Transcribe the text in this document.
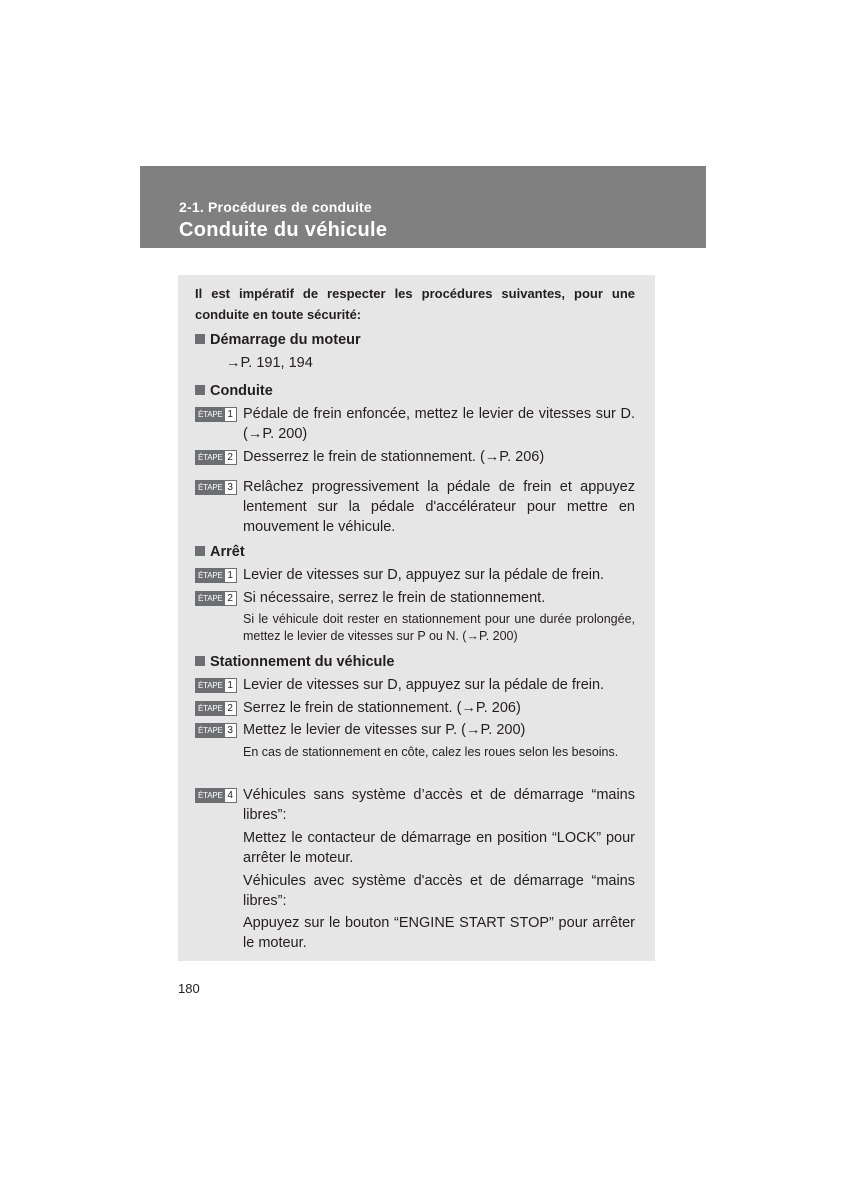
2-1. Procédures de conduite
Conduite du véhicule
Il est impératif de respecter les procédures suivantes, pour une conduite en toute sécurité:
Démarrage du moteur
→P. 191, 194
Conduite
ÉTAPE 1 Pédale de frein enfoncée, mettez le levier de vitesses sur D. (→P. 200)
ÉTAPE 2 Desserrez le frein de stationnement. (→P. 206)
ÉTAPE 3 Relâchez progressivement la pédale de frein et appuyez lentement sur la pédale d'accélérateur pour mettre en mouvement le véhicule.
Arrêt
ÉTAPE 1 Levier de vitesses sur D, appuyez sur la pédale de frein.
ÉTAPE 2 Si nécessaire, serrez le frein de stationnement.
Si le véhicule doit rester en stationnement pour une durée prolongée, mettez le levier de vitesses sur P ou N. (→P. 200)
Stationnement du véhicule
ÉTAPE 1 Levier de vitesses sur D, appuyez sur la pédale de frein.
ÉTAPE 2 Serrez le frein de stationnement. (→P. 206)
ÉTAPE 3 Mettez le levier de vitesses sur P. (→P. 200)
En cas de stationnement en côte, calez les roues selon les besoins.
ÉTAPE 4 Véhicules sans système d’accès et de démarrage “mains libres”:
Mettez le contacteur de démarrage en position “LOCK” pour arrêter le moteur.
Véhicules avec système d'accès et de démarrage “mains libres”:
Appuyez sur le bouton “ENGINE START STOP” pour arrêter le moteur.
180
